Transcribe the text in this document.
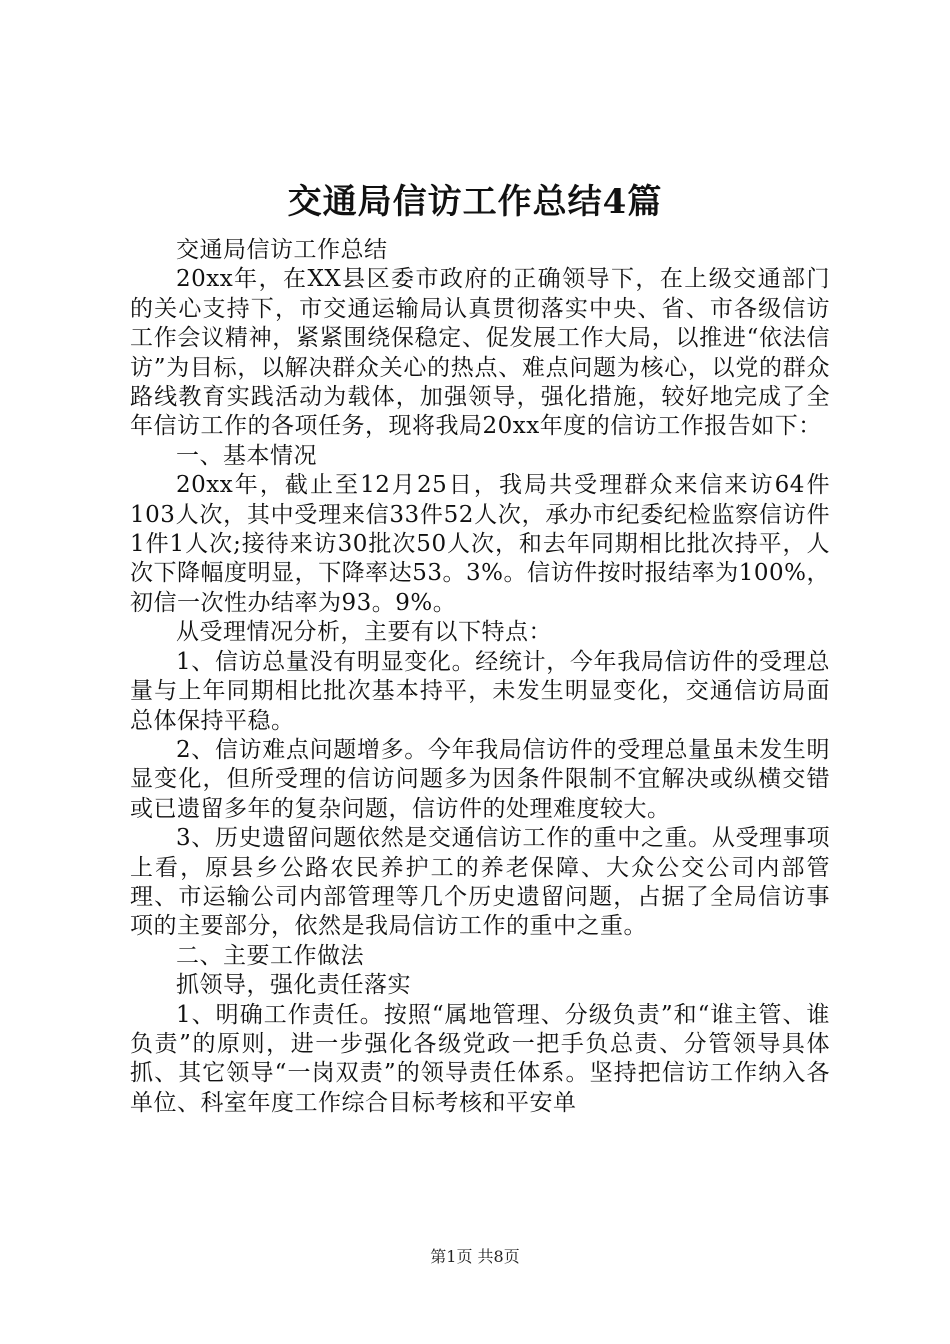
交通局信访工作总结4篇

交通局信访工作总结

20xx年，在XX县区委市政府的正确领导下，在上级交通部门的关心支持下，市交通运输局认真贯彻落实中央、省、市各级信访工作会议精神，紧紧围绕保稳定、促发展工作大局，以推进“依法信访”为目标，以解决群众关心的热点、难点问题为核心，以党的群众路线教育实践活动为载体，加强领导，强化措施，较好地完成了全年信访工作的各项任务，现将我局20xx年度的信访工作报告如下：

一、基本情况

20xx年，截止至12月25日，我局共受理群众来信来访64件103人次，其中受理来信33件52人次，承办市纪委纪检监察信访件1件1人次;接待来访30批次50人次，和去年同期相比批次持平，人次下降幅度明显，下降率达53。3%。信访件按时报结率为100%，初信一次性办结率为93。9%。

从受理情况分析，主要有以下特点：

1、信访总量没有明显变化。经统计，今年我局信访件的受理总量与上年同期相比批次基本持平，未发生明显变化，交通信访局面总体保持平稳。

2、信访难点问题增多。今年我局信访件的受理总量虽未发生明显变化，但所受理的信访问题多为因条件限制不宜解决或纵横交错或已遗留多年的复杂问题，信访件的处理难度较大。

3、历史遗留问题依然是交通信访工作的重中之重。从受理事项上看，原县乡公路农民养护工的养老保障、大众公交公司内部管理、市运输公司内部管理等几个历史遗留问题，占据了全局信访事项的主要部分，依然是我局信访工作的重中之重。

二、主要工作做法

抓领导，强化责任落实

1、明确工作责任。按照“属地管理、分级负责”和“谁主管、谁负责”的原则，进一步强化各级党政一把手负总责、分管领导具体抓、其它领导“一岗双责”的领导责任体系。坚持把信访工作纳入各单位、科室年度工作综合目标考核和平安单

第1页 共8页
